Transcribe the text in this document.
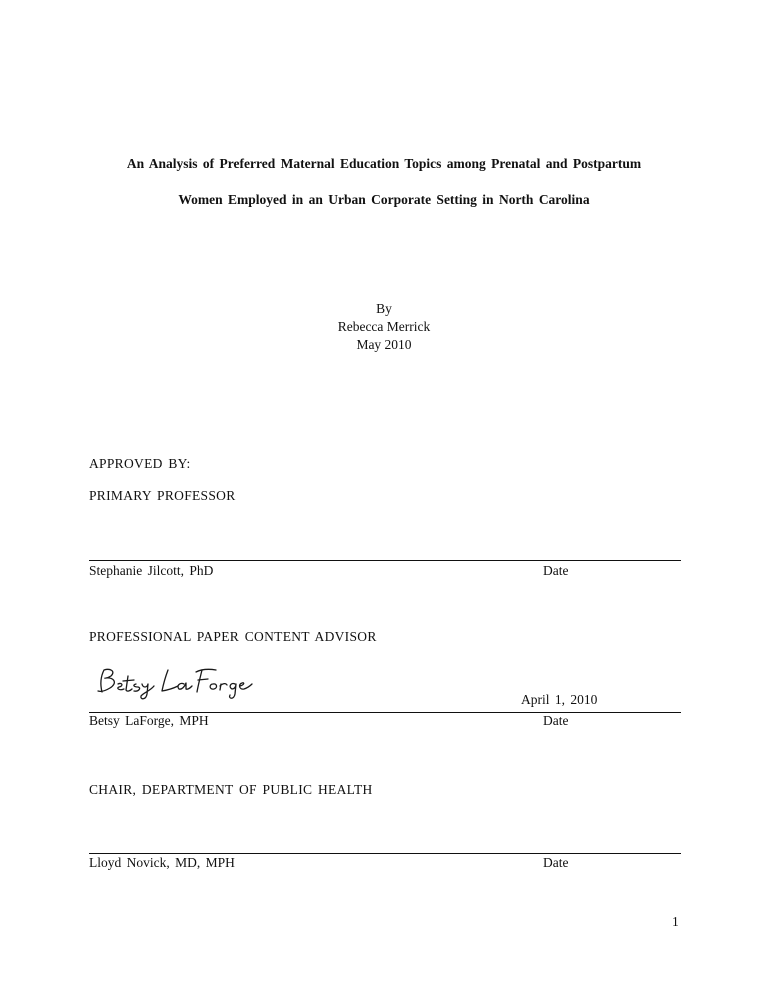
An Analysis of Preferred Maternal Education Topics among Prenatal and Postpartum
Women Employed in an Urban Corporate Setting in North Carolina
By
Rebecca Merrick
May 2010
APPROVED BY:
PRIMARY PROFESSOR
Stephanie Jilcott, PhD	Date
PROFESSIONAL PAPER CONTENT ADVISOR
April 1, 2010
Betsy LaForge, MPH	Date
CHAIR, DEPARTMENT OF PUBLIC HEALTH
Lloyd Novick, MD, MPH	Date
1
